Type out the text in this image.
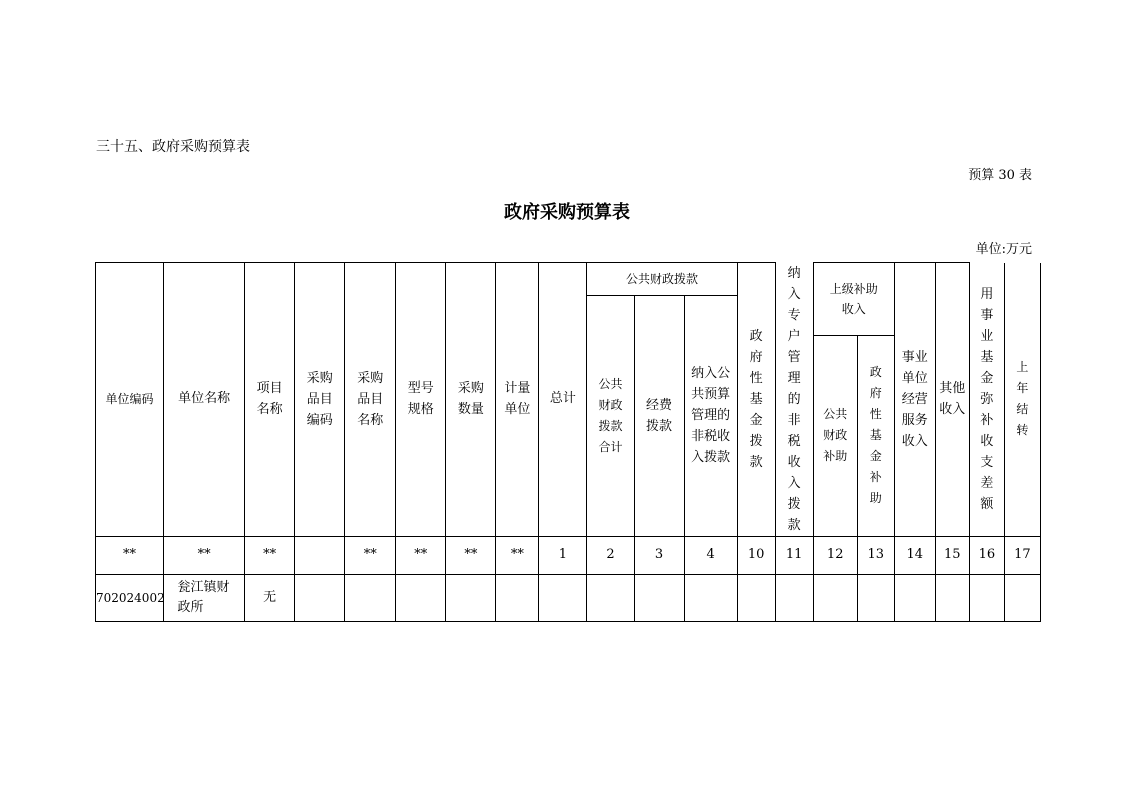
三十五、政府采购预算表
预算 30 表
政府采购预算表
单位:万元
单位编码	单位名称	项目名称	采购品目编码	采购品目名称	型号规格	采购数量	计量单位	总计	公共财政拨款			政府性基金拨款	纳入专户管理的非税收入拨款	上级补助收入		事业单位经营服务收入	其他收入	用事业基金弥补收支差额	上年结转
									公共财政拨款合计	经费拨款	纳入公共预算管理的非税收入拨款								
														公共财政补助	政府性基金补助				
**	**	**		**	**	**	**	1	2	3	4	10	11	12	13	14	15	16	17
702024002	瓮江镇财政所	无																	
